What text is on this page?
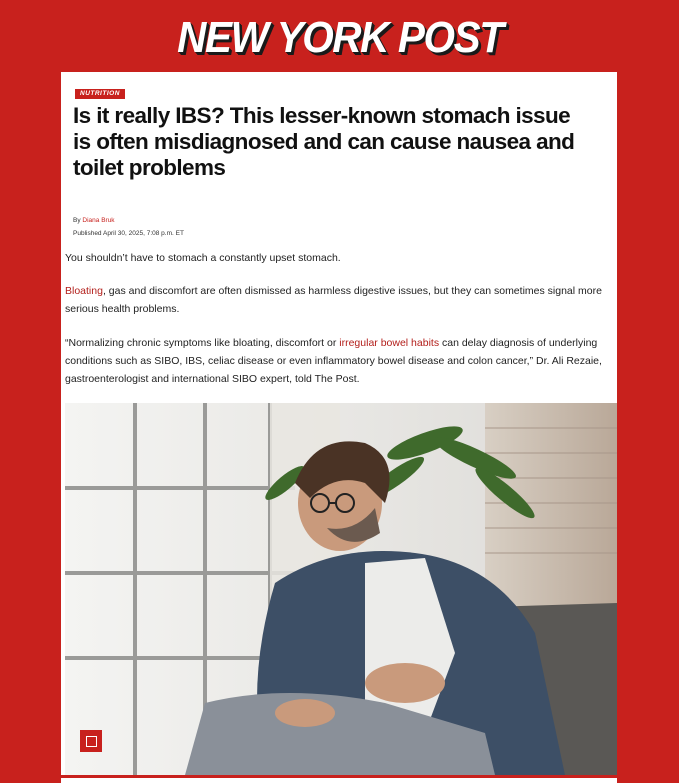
NEW YORK POST
NUTRITION
Is it really IBS? This lesser-known stomach issue is often misdiagnosed and can cause nausea and toilet problems
By Diana Bruk
Published April 30, 2025, 7:08 p.m. ET

You shouldn’t have to stomach a constantly upset stomach.

Bloating, gas and discomfort are often dismissed as harmless digestive issues, but they can sometimes signal more serious health problems.

“Normalizing chronic symptoms like bloating, discomfort or irregular bowel habits can delay diagnosis of underlying conditions such as SIBO, IBS, celiac disease or even inflammatory bowel disease and colon cancer,” Dr. Ali Rezaie, gastroenterologist and international SIBO expert, told The Post.
